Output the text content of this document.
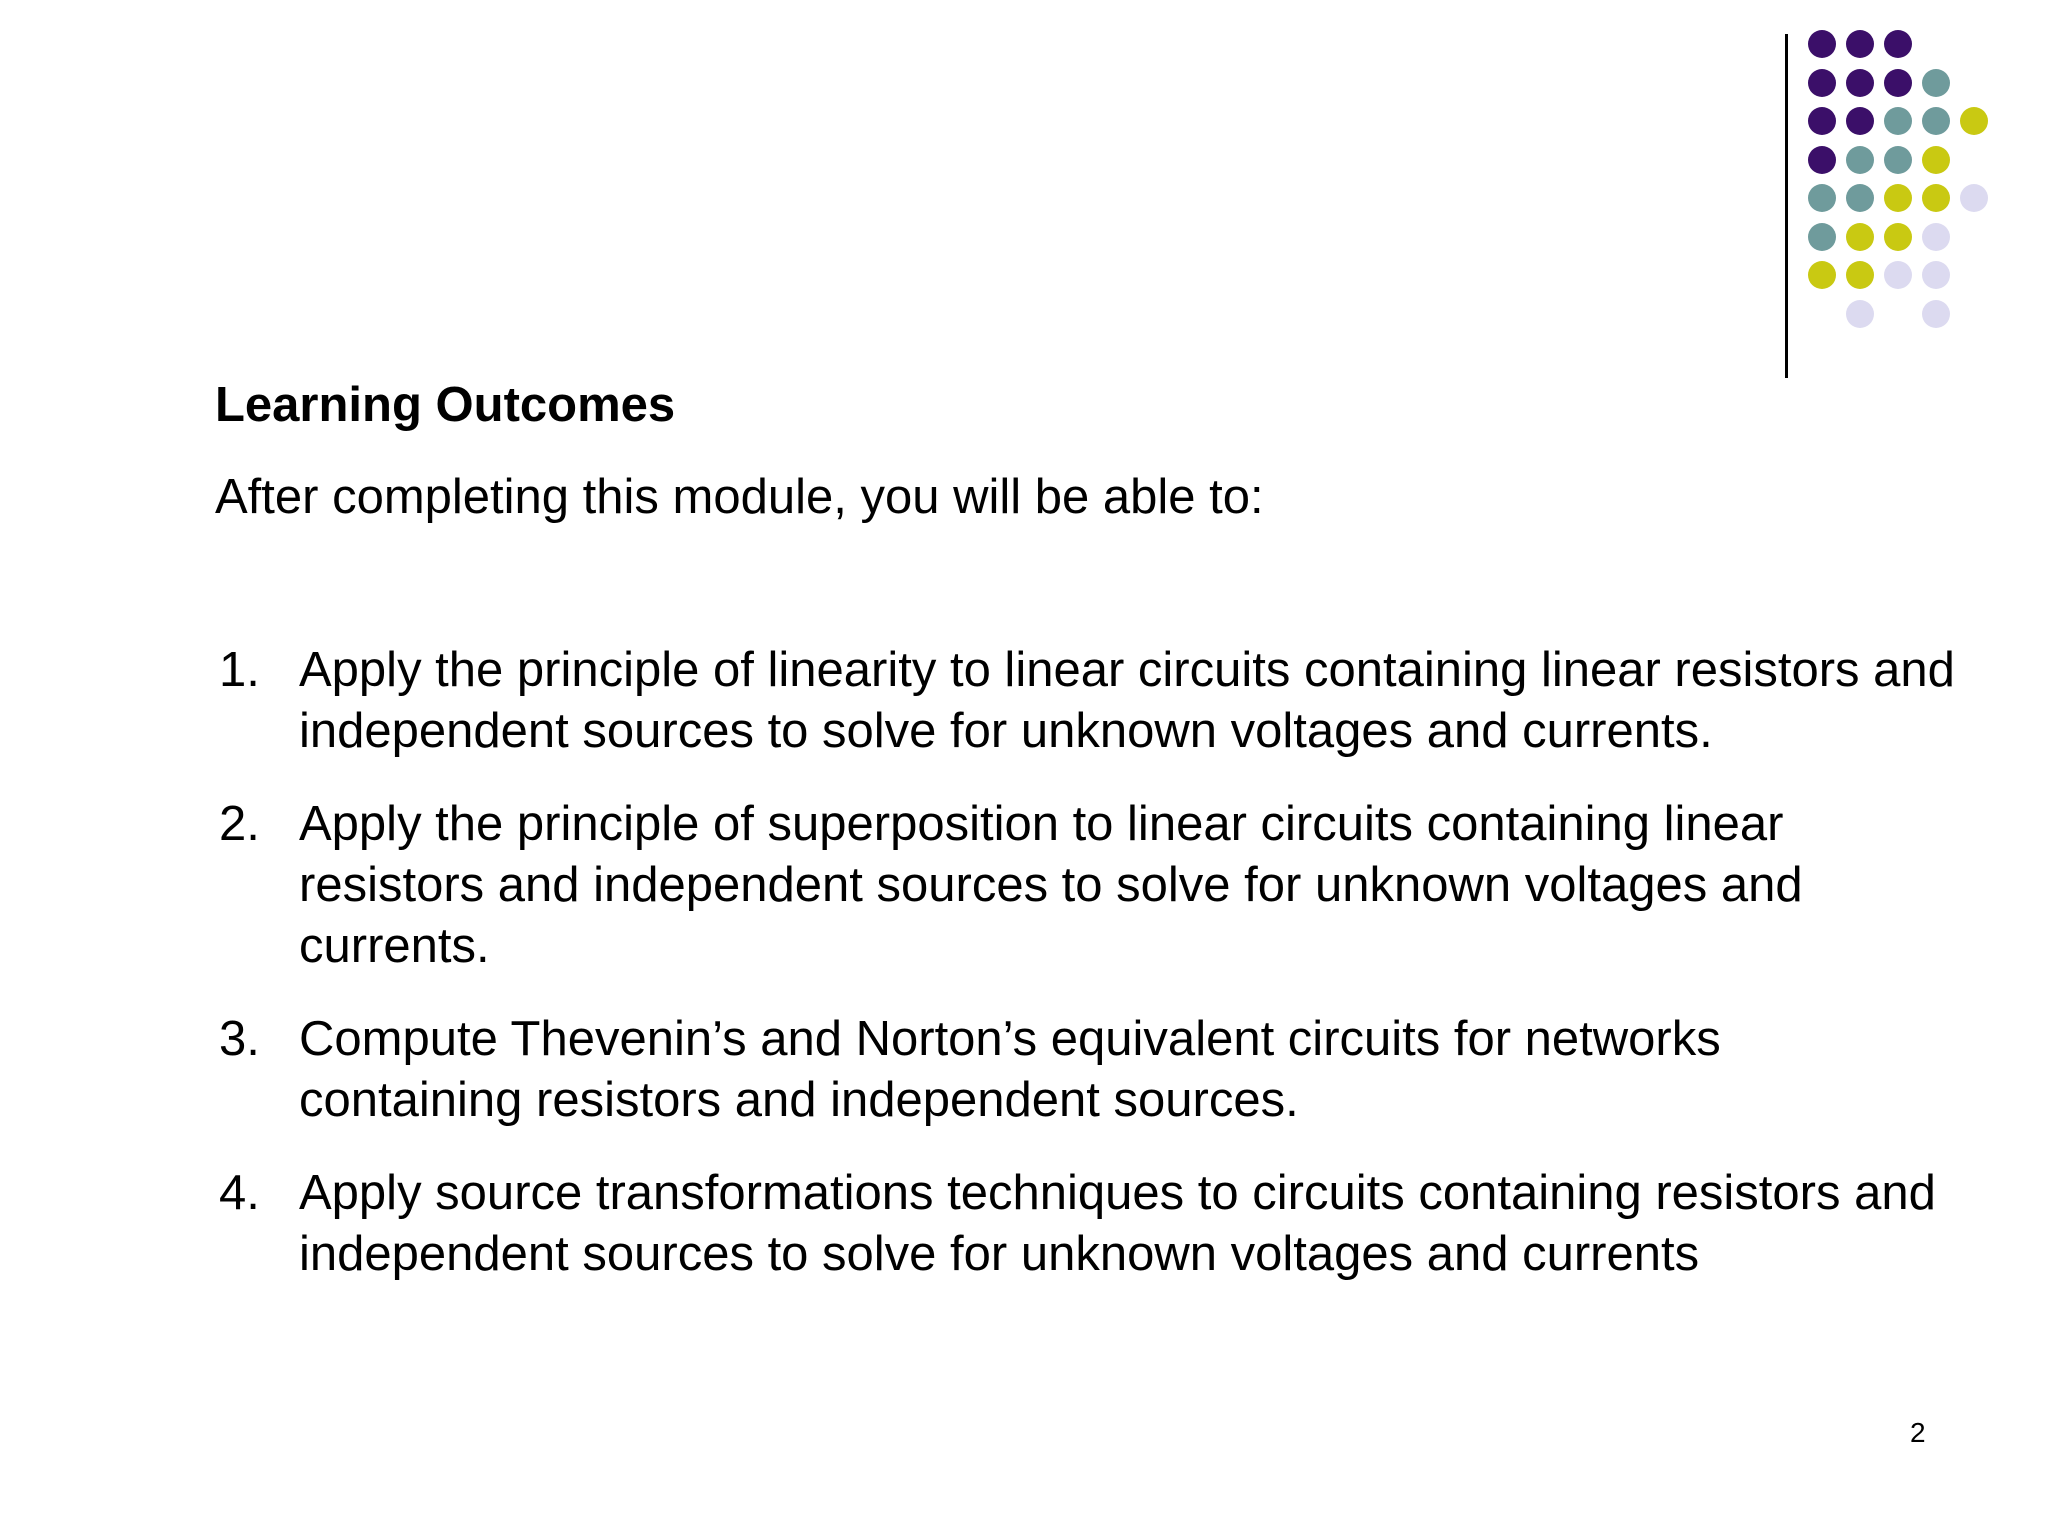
Learning Outcomes
After completing this module, you will be able to:
1. Apply the principle of linearity to linear circuits containing linear resistors and independent sources to solve for unknown voltages and currents.
2. Apply the principle of superposition to linear circuits containing linear resistors and independent sources to solve for unknown voltages and currents.
3. Compute Thevenin’s and Norton’s equivalent circuits for networks containing resistors and independent sources.
4. Apply source transformations techniques to circuits containing resistors and independent sources to solve for unknown voltages and currents
2
